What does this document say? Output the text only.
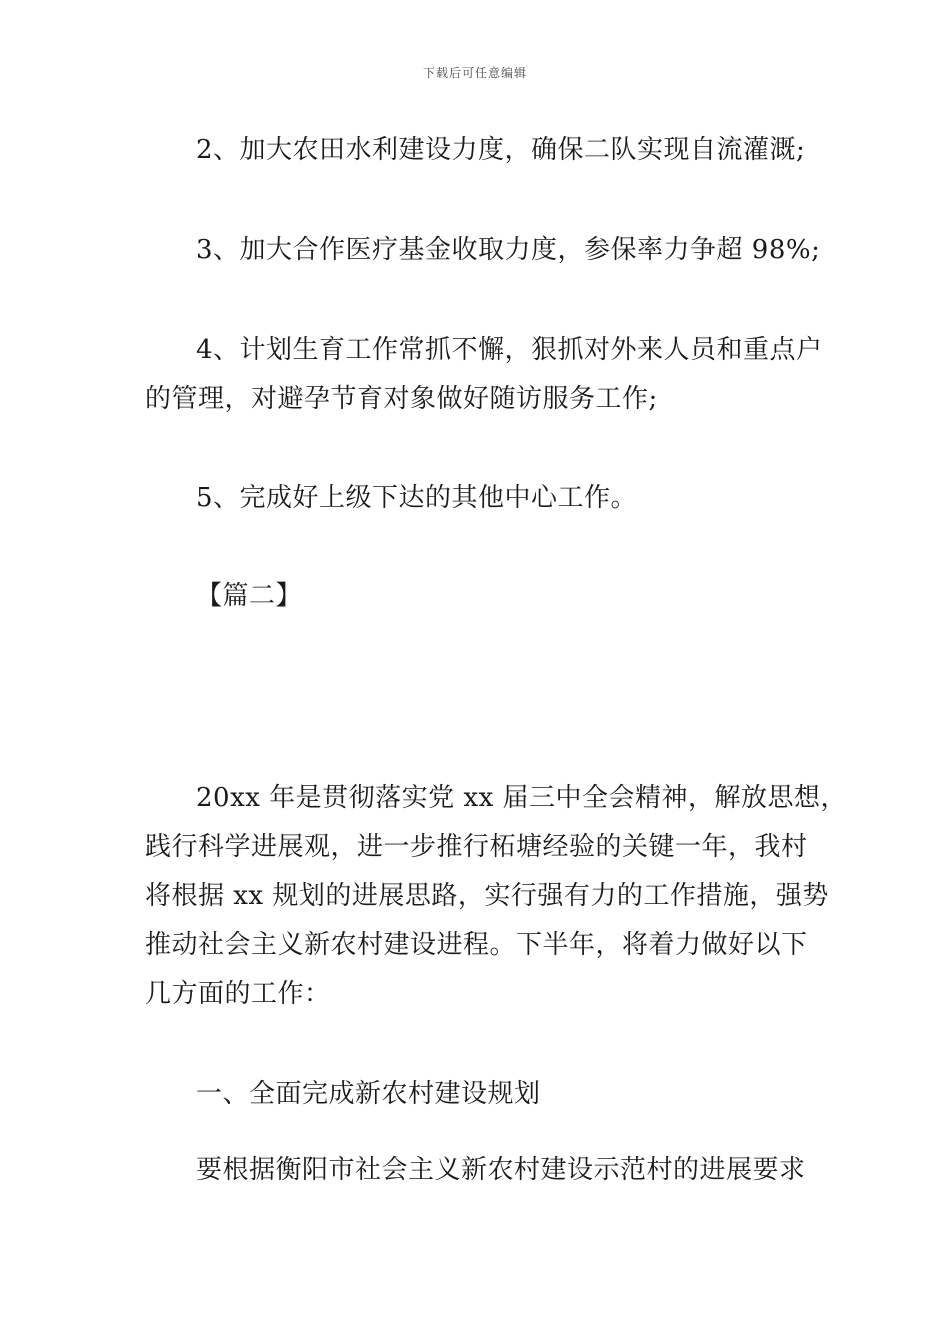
下载后可任意编辑
2、加大农田水利建设力度，确保二队实现自流灌溉;
3、加大合作医疗基金收取力度，参保率力争超 98%;
4、计划生育工作常抓不懈，狠抓对外来人员和重点户
的管理，对避孕节育对象做好随访服务工作;
5、完成好上级下达的其他中心工作。
【篇二】
20xx 年是贯彻落实党 xx 届三中全会精神，解放思想，
践行科学进展观，进一步推行柘塘经验的关键一年，我村
将根据 xx 规划的进展思路，实行强有力的工作措施，强势
推动社会主义新农村建设进程。下半年，将着力做好以下
几方面的工作：
一、全面完成新农村建设规划
要根据衡阳市社会主义新农村建设示范村的进展要求
